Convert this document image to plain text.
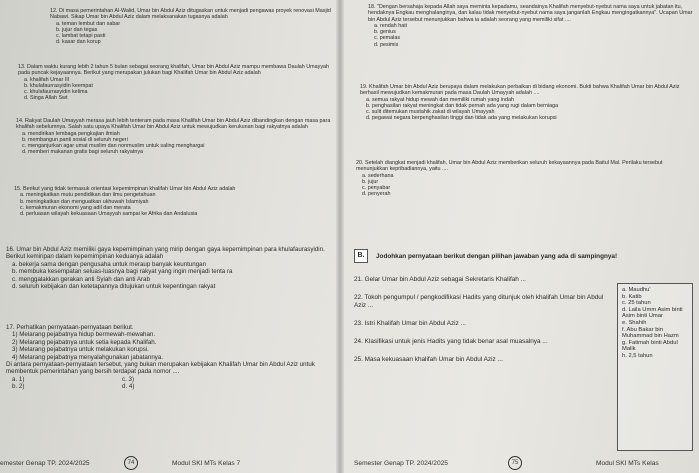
12. Di masa pemerintahan Al-Walid, Umar bin Abdul Aziz ditugaskan untuk menjadi pengawas proyek renovasi Masjid Nabawi. Sikap Umar bin Abdul Aziz dalam melaksanakan tugasnya adalah
a. teman lembut dan sabar
b. jujur dan tegas
c. lambat tetapi pasti
d. kasar dan korup
13. Dalam waktu kurang lebih 2 tahun 5 bulan sebagai seorang khalifah, Umar bin Abdul Aziz mampu membawa Daulah Umayyah pada puncak kejayaannya. Berikut yang merupakan julukan bagi Khalifah Umar bin Abdul Aziz adalah
a. khalifah Umar III
b. khulafaurrasyidin keempat
c. khulafaurrasyidin kelima
d. Singa Allah Swt
14. Rakyat Daulah Umayyah merasa jauh lebih tenteram pada masa Khalifah Umar bin Abdul Aziz dibandingkan dengan masa para khalifah sebelumnya. Salah satu upaya Khalifah Umar bin Abdul Aziz untuk mewujudkan kerukunan bagi rakyatnya adalah
a. mendirikan lembaga pengkajian ilmiah
b. membangun panti sosial di seluruh negeri
c. menganjurkan agar umat muslim dan nonmuslim untuk saling menghargai
d. memberi makanan gratis bagi seluruh rakyatnya
15. Berikut yang tidak termasuk orientasi kepemimpinan khalifah Umar bin Abdul Aziz adalah
a. meningkatkan mutu pendidikan dan ilmu pengetahuan
b. meningkatkan dan menguatkan ukhuwah Islamiyah
c. kemakmuran ekonomi yang adil dan merata
d. perluasan wilayah kekuasaan Umayyah sampai ke Afrika dan Andalusia
16. Umar bin Abdul Aziz memiliki gaya kepemimpinan yang mirip dengan gaya kepemimpinan para khulafaurasyidin. Berikut kemiripan dalam kepemimpinan keduanya adalah
a. bekerja sama dengan pengusaha untuk meraup banyak keuntungan
b. membuka kesempatan seluas-luasnya bagi rakyat yang ingin menjadi tenta ra
c. menggalakkan gerakan anti Syiah dan anti Arab
d. seluruh kebijakan dan ketetapannya ditujukan untuk kepentingan rakyat
17. Perhatikan pernyataan-pernyataan berikut.
1) Melarang pejabatnya hidup bermewah-mewahan.
2) Melarang pejabatnya untuk setia kepada Khalifah.
3) Melarang pejabatnya untuk melakukan korupsi.
4) Melarang pejabatnya menyalahgunakan jabatannya.
Di antara pernyataan-pernyataan tersebut, yang bukan merupakan kebijakan Khalifah Umar bin Abdul Aziz untuk membentuk pemerintahan yang bersih terdapat pada nomor ....
a. 1)
b. 2)
c. 3)
d. 4)
emester Genap TP. 2024/2025	74	Modul SKI MTs Kelas 7
18. "Dengan bersahaja kepada Allah saya meminta kepadamu, seandainya Khalifah menyebut-nyebut nama saya untuk jabatan itu, hendaknya Engkau menghalanginya, dan kalau tidak menyebut-nyebut nama saya janganlah Engkau mengingatkannya". Ucapan Umar bin Abdul Aziz tersebut menunjukkan bahwa ia adalah seorang yang memiliki sifat ....
a. rendah hati
b. genius
c. pemalas
d. pesimis
19. Khalifah Umar bin Abdul Aziz berupaya dalam melakukan perbaikan di bidang ekonomi. Bukti bahwa Khalifah Umar bin Abdul Aziz berhasil mewujudkan kemakmuran pada masa Daulah Umayyah adalah ....
a. semua rakyat hidup mewah dan memiliki rumah yang indah
b. penghasilan rakyat meningkat dan tidak pernah ada yang rugi dalam berniaga
c. sulit ditemukan mustahik zakat di wilayah Umayyah
d. pegawai negara berpenghasilan tinggi dan tidak ada yang melakukan korupsi
20. Setelah diangkat menjadi khalifah, Umar bin Abdul Aziz memberikan seluruh kekayaannya pada Baitul Mal. Perilaku tersebut menunjukkan kepribadiannya, yaitu ....
a. sederhana
b. jujur
c. penyabar
d. penyerah
B.	Jodohkan pernyataan berikut dengan pilihan jawaban yang ada di sampingnya!
21. Gelar Umar bin Abdul Aziz sebagai Sekretaris Khalifah ...
22. Tokoh pengumpul / pengkodifikasi Hadits yang ditunjuk oleh khalifah Umar bin Abdul Aziz ...
23. Istri Khalifah Umar bin Abdul Aziz ...
24. Klasifikasi untuk jenis Hadits yang tidak benar asal muasalnya ...
25. Masa kekuasaan khalifah Umar bin Abdul Aziz ...
a. Maudhu'
b. Katib
c. 25 tahun
d. Laila Umm Asim binti Asim binti Umar
e. Shahih
f. Abu Bakar bin Muhammad bin Hazm
g. Fatimah binti Abdul Malik
h. 2,5 tahun
Semester Genap TP. 2024/2025	75	Modul SKI MTs Kelas
